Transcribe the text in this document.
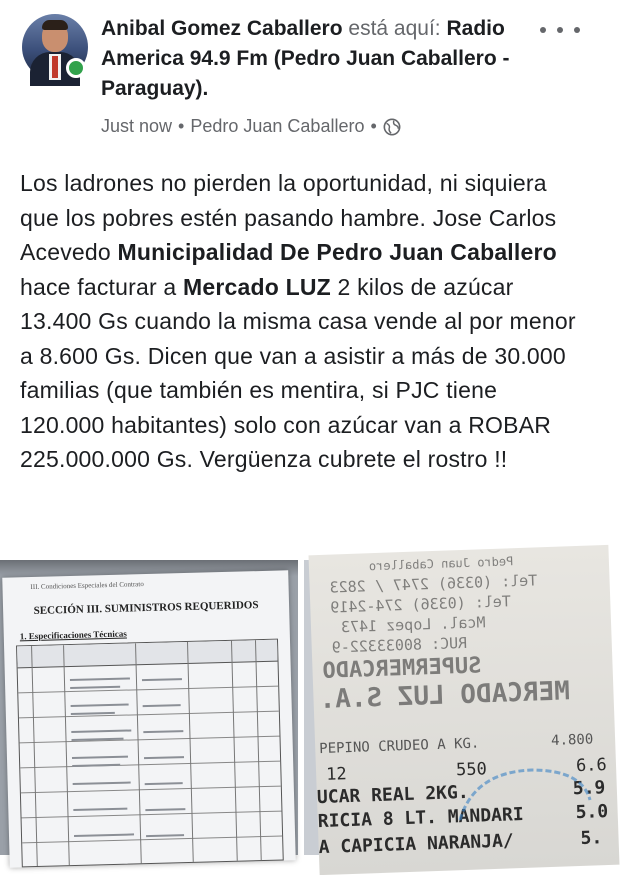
Anibal Gomez Caballero está aquí: Radio America 94.9 Fm (Pedro Juan Caballero - Paraguay).
Just now • Pedro Juan Caballero •
Los ladrones no pierden la oportunidad, ni siquiera que los pobres estén pasando hambre. Jose Carlos Acevedo Municipalidad De Pedro Juan Caballero hace facturar a Mercado LUZ 2 kilos de azúcar 13.400 Gs cuando la misma casa vende al por menor a 8.600 Gs. Dicen que van a asistir a más de 30.000 familias (que también es mentira, si PJC tiene 120.000 habitantes) solo con azúcar van a ROBAR 225.000.000 Gs. Vergüenza cubrete el rostro !!
III. Condiciones Especiales del Contrato
SECCIÓN III. SUMINISTROS REQUERIDOS
1. Especificaciones Técnicas
Pedro Juan Caballero
Tel: (0336) 2747 / 2823
Tel: (0336) 274-2419
Mcal. Lopez 1473
RUC: 80033322-9
SUPERMERCADO
MERCADO LUZ S.A.
PEPINO CRUDEO A KG.	4.800
12	550	6.6
UCAR REAL 2KG.	5.9
RICIA 8 LT. MANDARI	5.0
A CAPICIA NARANJA/	5.
